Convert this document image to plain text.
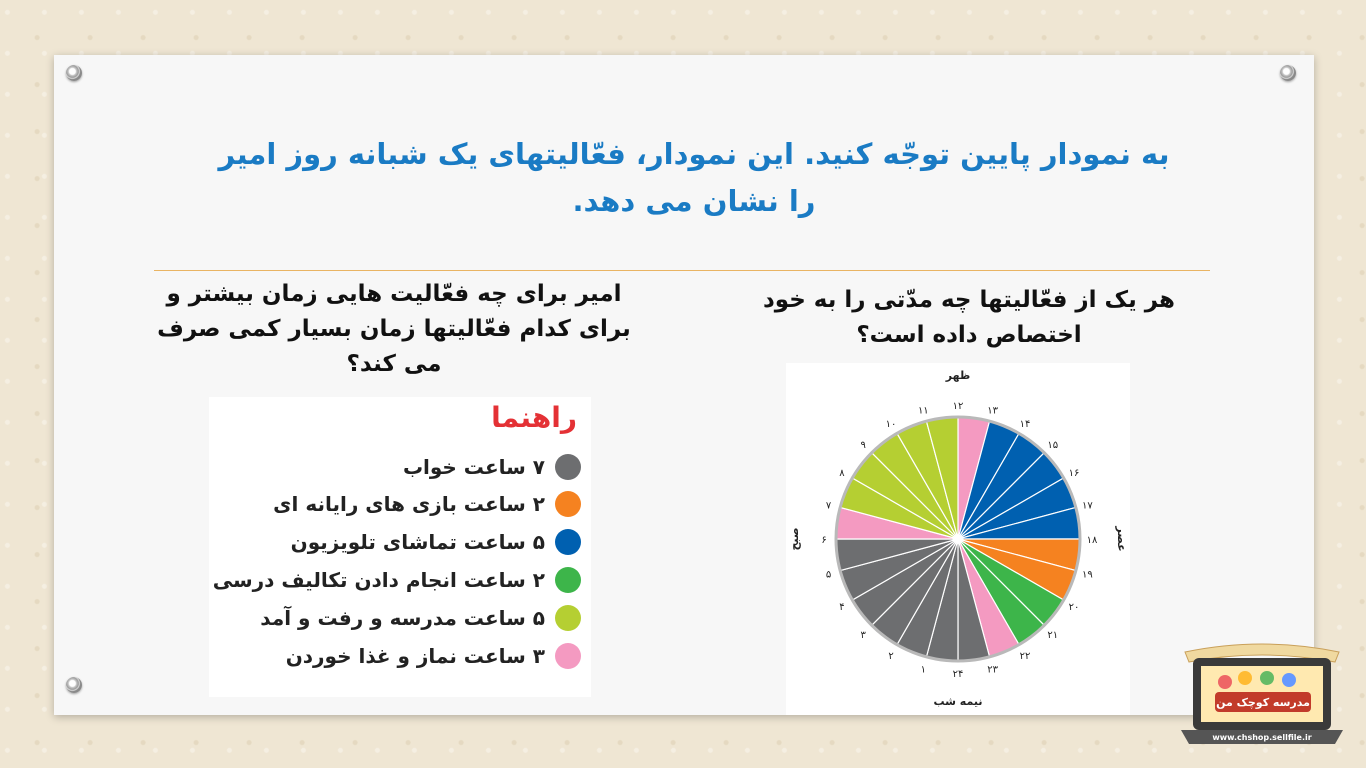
به نمودار پایین توجّه کنید. این نمودار، فعّالیتهای یک شبانه روز امیر را نشان می دهد.
هر یک از فعّالیتها چه مدّتی را به خود اختصاص داده است؟
امیر برای چه فعّالیت هایی زمان بیشتر و برای کدام فعّالیتها زمان بسیار کمی صرف می کند؟
راهنما
۷ ساعت خواب
۲ ساعت بازی های رایانه ای
۵ ساعت تماشای تلویزیون
۲ ساعت انجام دادن تکالیف درسی
۵ ساعت مدرسه و رفت و آمد
۳ ساعت نماز و غذا خوردن
۱
۲
۳
۴
۵
۶
۷
۸
۹
۱۰
۱۱ ۱۲ ۱۳
۱۴
۱۵
۱۶
۱۷
۱۸
۱۹
۲۰
۲۱
۲۲
۲۳
۲۴
ظهر
نیمه شب
عصر
صبح
مدرسه کوچک من
www.chshop.sellfile.ir
